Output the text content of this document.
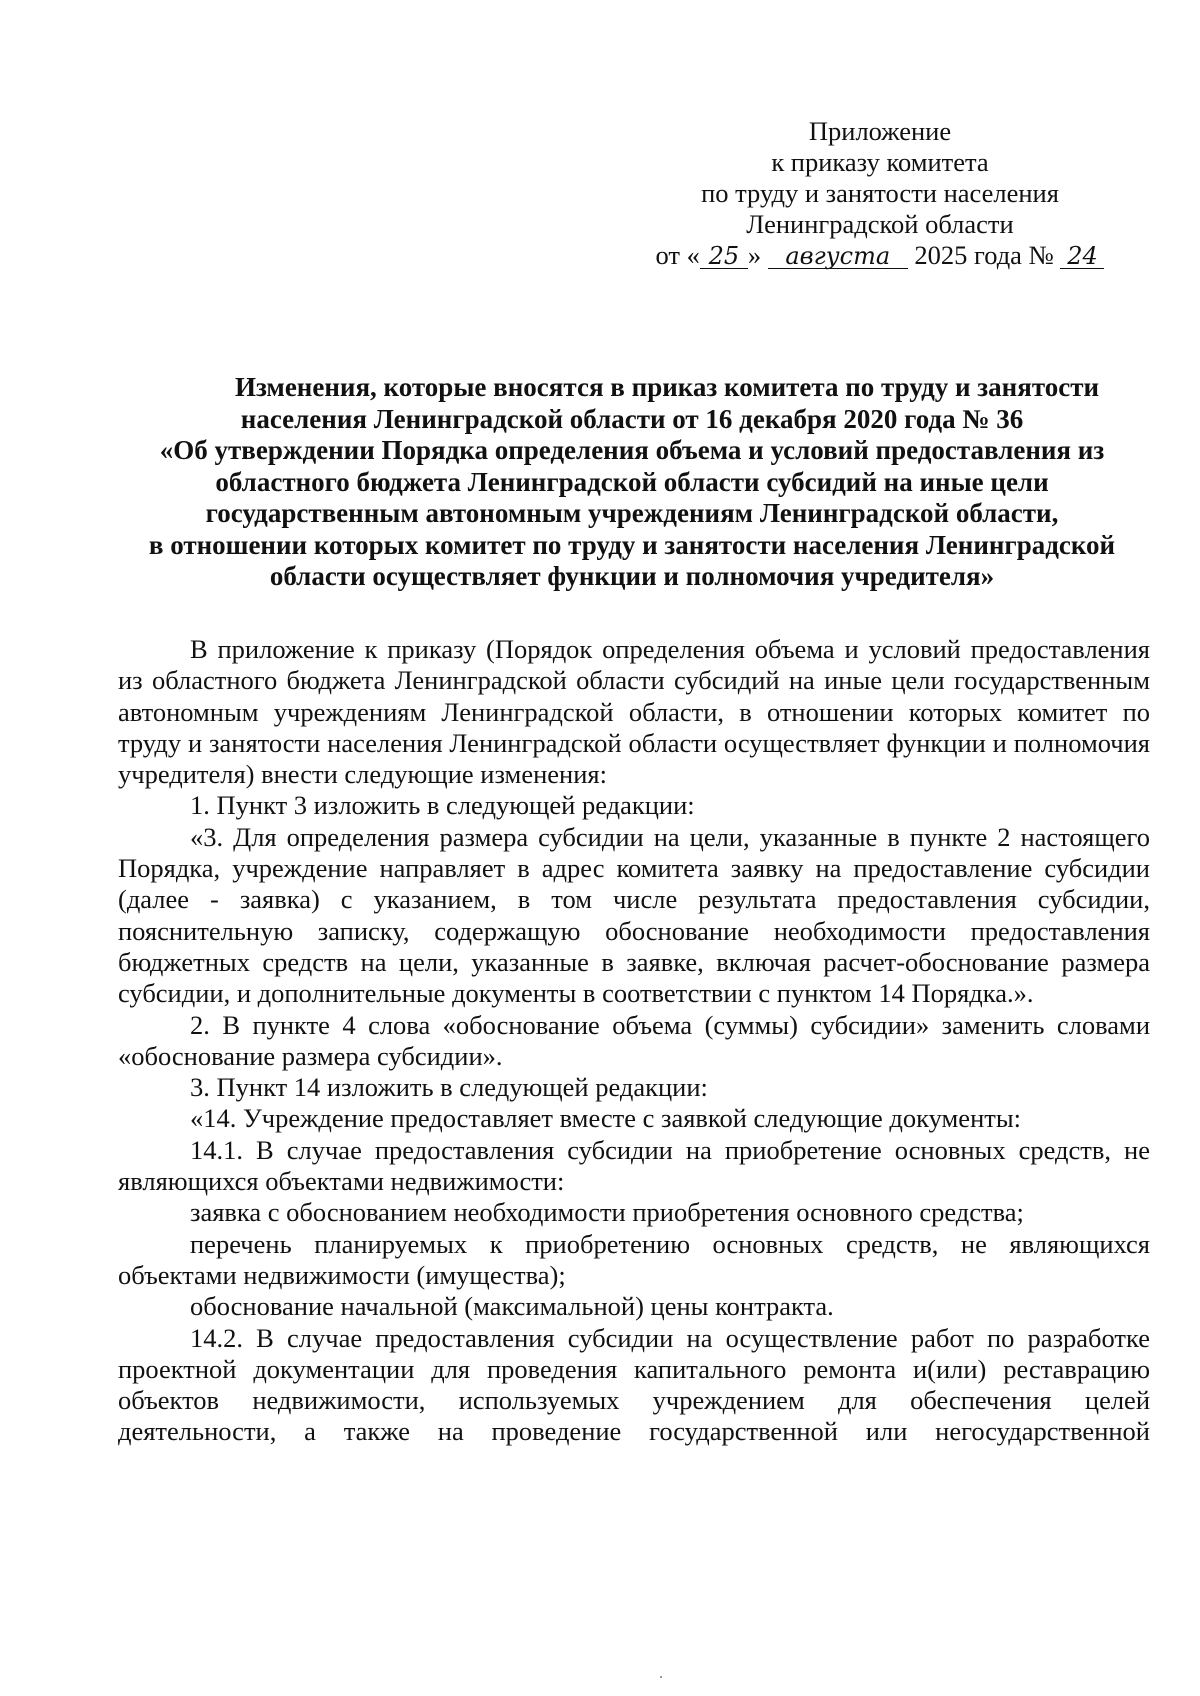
Приложение
к приказу комитета
по труду и занятости населения
Ленинградской области
от « 25 » августа 2025 года № 24
Изменения, которые вносятся в приказ комитета по труду и занятости
населения Ленинградской области от 16 декабря 2020 года № 36
«Об утверждении Порядка определения объема и условий предоставления из
областного бюджета Ленинградской области субсидий на иные цели
государственным автономным учреждениям Ленинградской области,
в отношении которых комитет по труду и занятости населения Ленинградской
области осуществляет функции и полномочия учредителя»

В приложение к приказу (Порядок определения объема и условий предоставления из областного бюджета Ленинградской области субсидий на иные цели государственным автономным учреждениям Ленинградской области, в отношении которых комитет по труду и занятости населения Ленинградской области осуществляет функции и полномочия учредителя) внести следующие изменения:

1. Пункт 3 изложить в следующей редакции:

«3. Для определения размера субсидии на цели, указанные в пункте 2 настоящего Порядка, учреждение направляет в адрес комитета заявку на предоставление субсидии (далее - заявка) с указанием, в том числе результата предоставления субсидии, пояснительную записку, содержащую обоснование необходимости предоставления бюджетных средств на цели, указанные в заявке, включая расчет-обоснование размера субсидии, и дополнительные документы в соответствии с пунктом 14 Порядка.».

2. В пункте 4 слова «обоснование объема (суммы) субсидии» заменить словами «обоснование размера субсидии».

3. Пункт 14 изложить в следующей редакции:

«14. Учреждение предоставляет вместе с заявкой следующие документы:

14.1. В случае предоставления субсидии на приобретение основных средств, не являющихся объектами недвижимости:

заявка с обоснованием необходимости приобретения основного средства;

перечень планируемых к приобретению основных средств, не являющихся объектами недвижимости (имущества);

обоснование начальной (максимальной) цены контракта.

14.2. В случае предоставления субсидии на осуществление работ по разработке проектной документации для проведения капитального ремонта и(или) реставрацию объектов недвижимости, используемых учреждением для обеспечения целей деятельности, а также на проведение государственной или негосударственной
